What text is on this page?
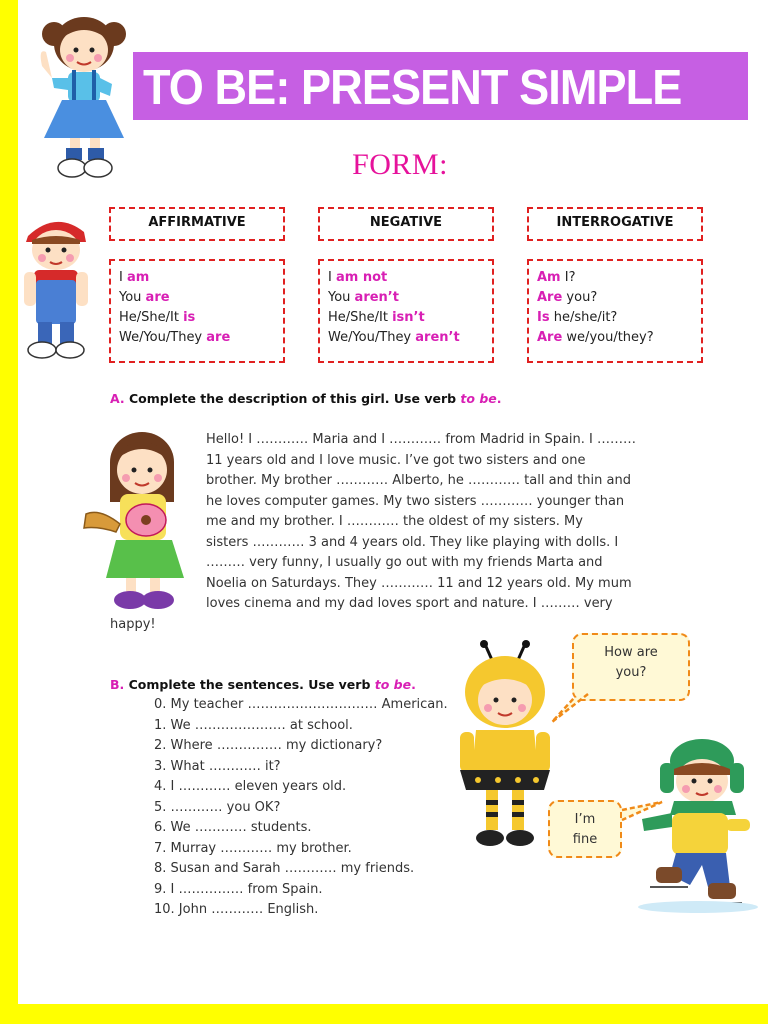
TO BE: PRESENT SIMPLE
FORM:
AFFIRMATIVE	NEGATIVE	INTERROGATIVE
I am
You are
He/She/It is
We/You/They are
I am not
You aren’t
He/She/It isn’t
We/You/They aren’t
Am I?
Are you?
Is he/she/it?
Are we/you/they?
A. Complete the description of this girl. Use verb to be.
Hello! I ………… Maria and I ………… from Madrid in Spain. I ………
11 years old and I love music. I’ve got two sisters and one
brother. My brother ………… Alberto, he ………… tall and thin and
he loves computer games. My two sisters ………… younger than
me and my brother. I ………… the oldest of my sisters. My
sisters ………… 3 and 4 years old. They like playing with dolls. I
……… very funny, I usually go out with my friends Marta and
Noelia on Saturdays. They ………… 11 and 12 years old. My mum
loves cinema and my dad loves sport and nature. I ……… very
happy!
B. Complete the sentences. Use verb to be.
0. My teacher ………………………… American.
1. We ………………… at school.
2. Where …………… my dictionary?
3. What ………… it?
4. I ………… eleven years old.
5. ………… you OK?
6. We ………… students.
7. Murray ………… my brother.
8. Susan and Sarah ………… my friends.
9. I …………… from Spain.
10. John ………… English.
How are
you?
I’m
fine
